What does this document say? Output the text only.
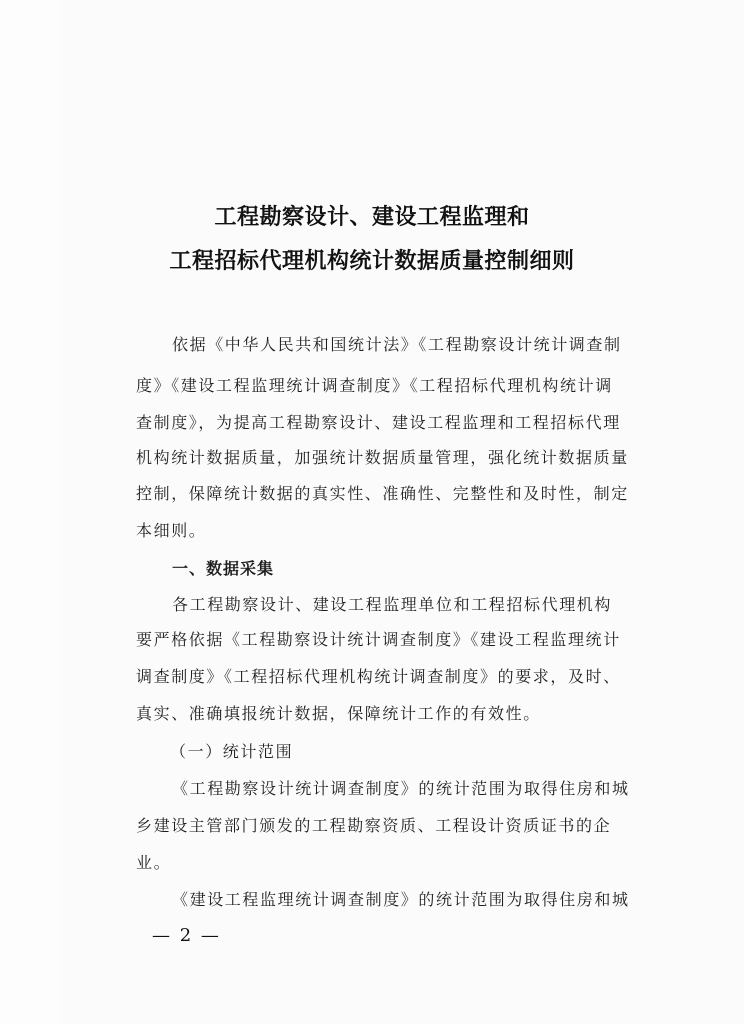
工程勘察设计、建设工程监理和
工程招标代理机构统计数据质量控制细则
依据《中华人民共和国统计法》《工程勘察设计统计调查制
度》《建设工程监理统计调查制度》《工程招标代理机构统计调
查制度》，为提高工程勘察设计、建设工程监理和工程招标代理
机构统计数据质量，加强统计数据质量管理，强化统计数据质量
控制，保障统计数据的真实性、准确性、完整性和及时性，制定
本细则。
一、数据采集
各工程勘察设计、建设工程监理单位和工程招标代理机构
要严格依据《工程勘察设计统计调查制度》《建设工程监理统计
调查制度》《工程招标代理机构统计调查制度》的要求，及时、
真实、准确填报统计数据，保障统计工作的有效性。
（一）统计范围
《工程勘察设计统计调查制度》的统计范围为取得住房和城
乡建设主管部门颁发的工程勘察资质、工程设计资质证书的企
业。
《建设工程监理统计调查制度》的统计范围为取得住房和城
— 2 —
